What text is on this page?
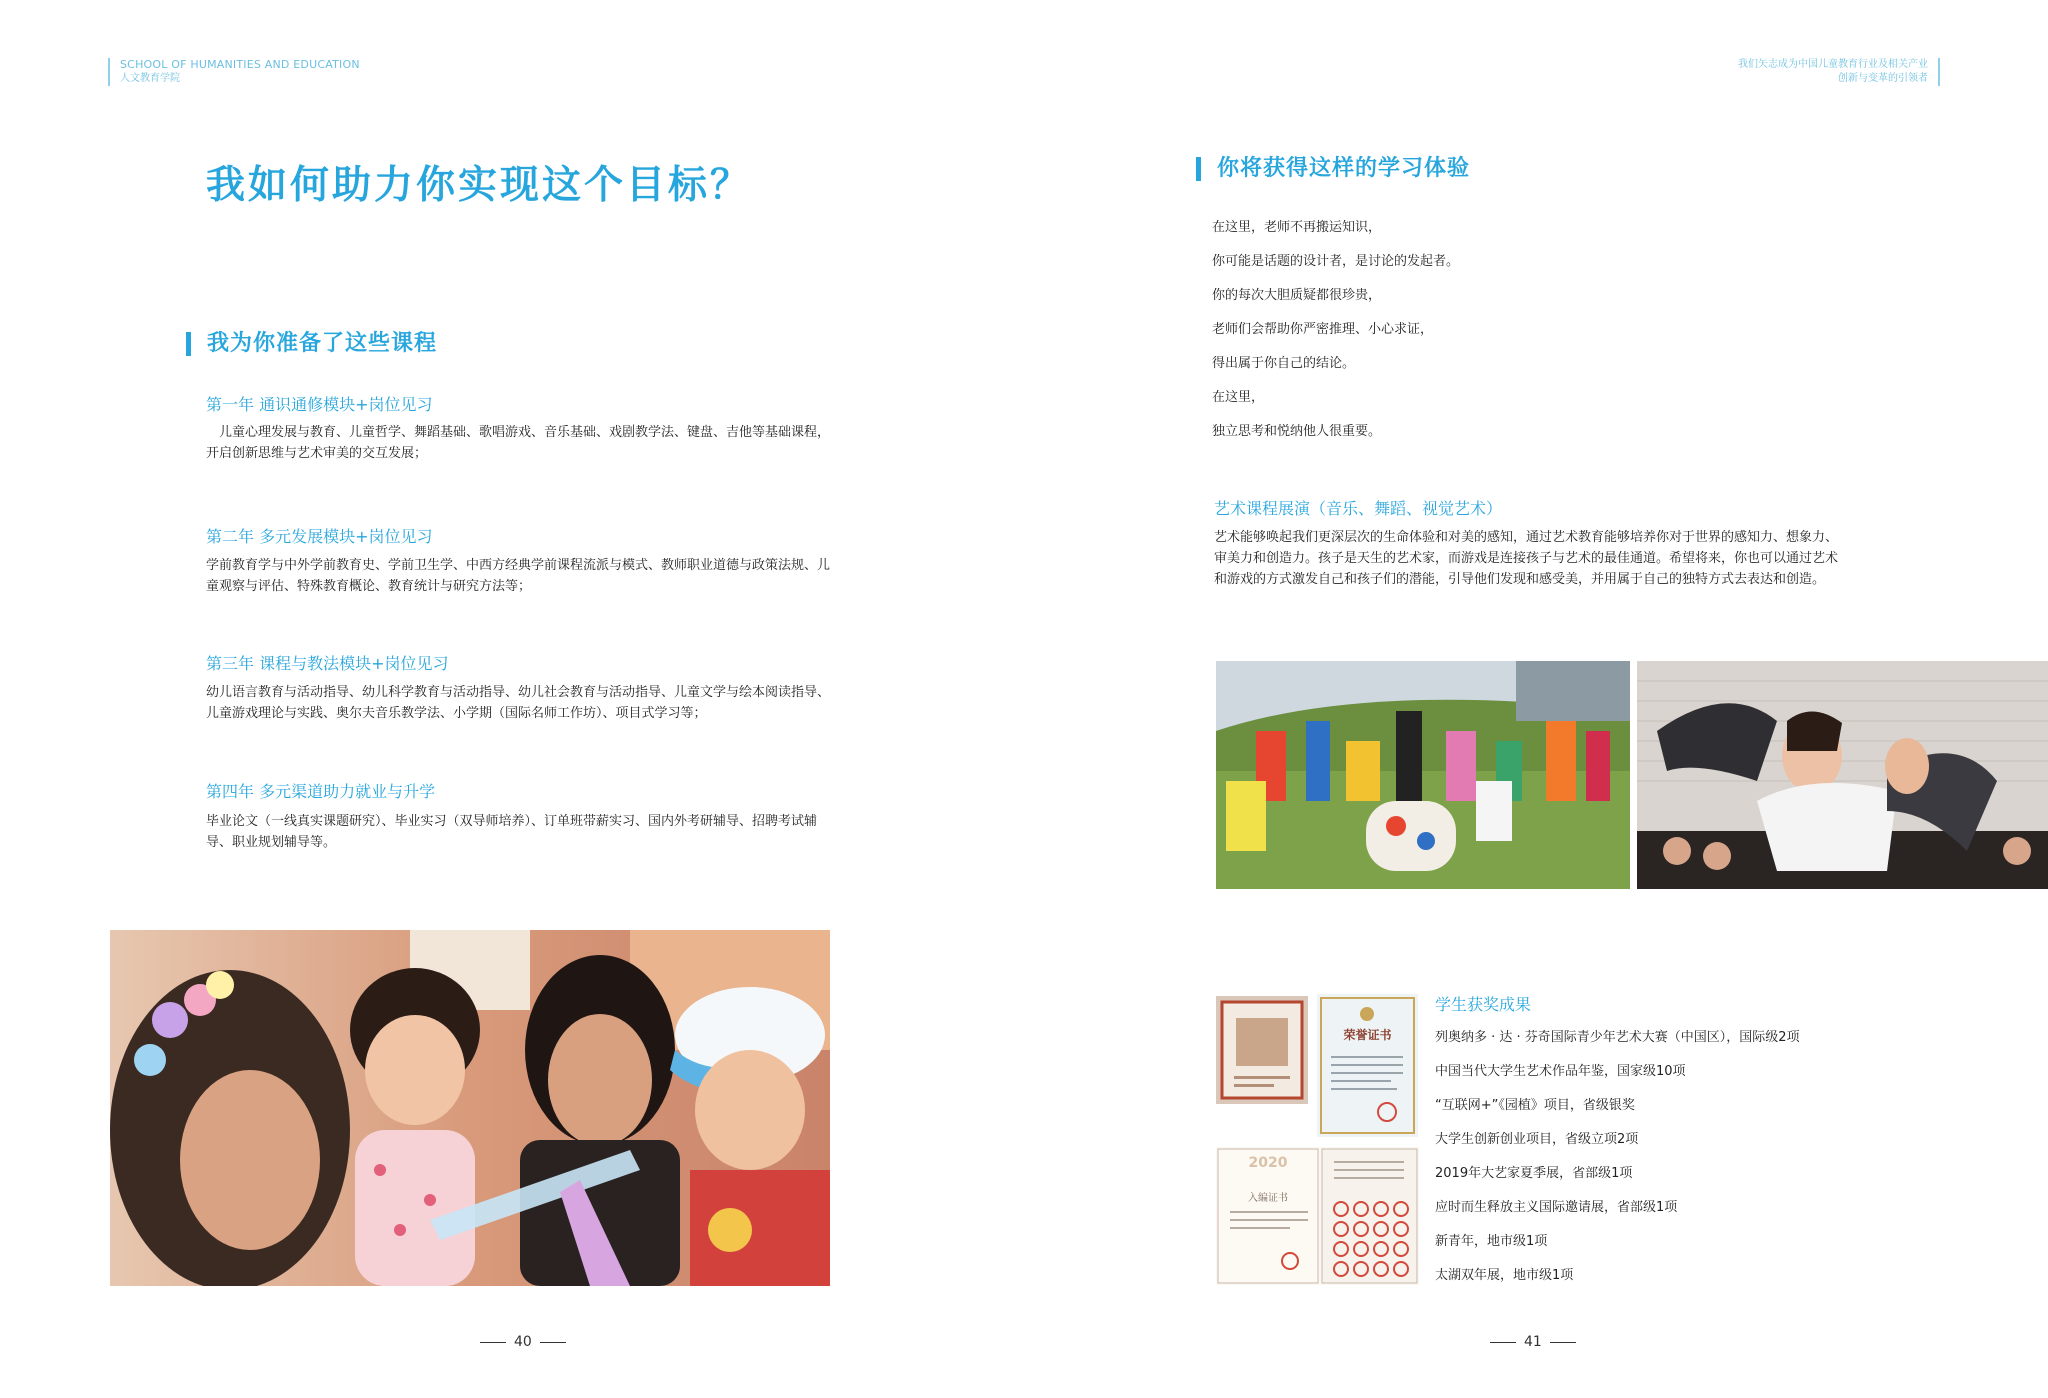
SCHOOL OF HUMANITIES AND EDUCATION
人文教育学院
我如何助力你实现这个目标？
我为你准备了这些课程
第一年 通识通修模块+岗位见习
　儿童心理发展与教育、儿童哲学、舞蹈基础、歌唱游戏、音乐基础、戏剧教学法、键盘、吉他等基础课程，开启创新思维与艺术审美的交互发展；
第二年 多元发展模块+岗位见习
学前教育学与中外学前教育史、学前卫生学、中西方经典学前课程流派与模式、教师职业道德与政策法规、儿童观察与评估、特殊教育概论、教育统计与研究方法等；
第三年 课程与教法模块+岗位见习
幼儿语言教育与活动指导、幼儿科学教育与活动指导、幼儿社会教育与活动指导、儿童文学与绘本阅读指导、儿童游戏理论与实践、奥尔夫音乐教学法、小学期（国际名师工作坊）、项目式学习等；
第四年 多元渠道助力就业与升学
毕业论文（一线真实课题研究）、毕业实习（双导师培养）、订单班带薪实习、国内外考研辅导、招聘考试辅导、职业规划辅导等。
40
我们矢志成为中国儿童教育行业及相关产业
创新与变革的引领者
你将获得这样的学习体验
在这里，老师不再搬运知识，
你可能是话题的设计者，是讨论的发起者。
你的每次大胆质疑都很珍贵，
老师们会帮助你严密推理、小心求证，
得出属于你自己的结论。
在这里，
独立思考和悦纳他人很重要。
艺术课程展演（音乐、舞蹈、视觉艺术）
艺术能够唤起我们更深层次的生命体验和对美的感知，通过艺术教育能够培养你对于世界的感知力、想象力、审美力和创造力。孩子是天生的艺术家，而游戏是连接孩子与艺术的最佳通道。希望将来，你也可以通过艺术和游戏的方式激发自己和孩子们的潜能，引导他们发现和感受美，并用属于自己的独特方式去表达和创造。
荣誉证书
2020
入编证书
学生获奖成果
列奥纳多 · 达 · 芬奇国际青少年艺术大赛（中国区），国际级2项
中国当代大学生艺术作品年鉴，国家级10项
“互联网+”《园植》项目，省级银奖
大学生创新创业项目，省级立项2项
2019年大艺家夏季展，省部级1项
应时而生释放主义国际邀请展，省部级1项
新青年，地市级1项
太湖双年展，地市级1项
41
